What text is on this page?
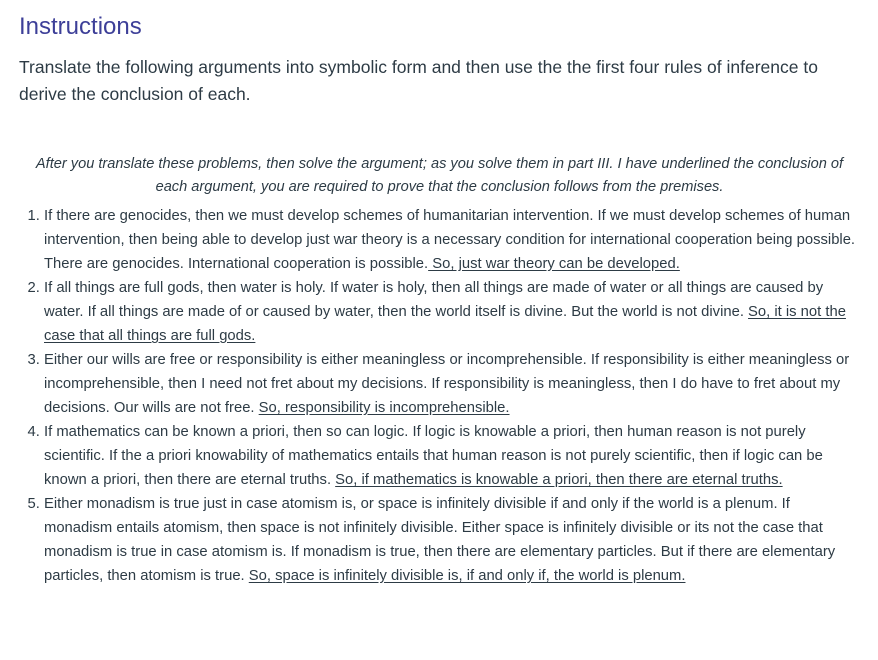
Instructions

Translate the following arguments into symbolic form and then use the the first four rules of inference to derive the conclusion of each.

After you translate these problems, then solve the argument; as you solve them in part III. I have underlined the conclusion of each argument, you are required to prove that the conclusion follows from the premises.

1. If there are genocides, then we must develop schemes of humanitarian intervention. If we must develop schemes of human intervention, then being able to develop just war theory is a necessary condition for international cooperation being possible. There are genocides. International cooperation is possible. So, just war theory can be developed.
2. If all things are full gods, then water is holy. If water is holy, then all things are made of water or all things are caused by water. If all things are made of or caused by water, then the world itself is divine. But the world is not divine. So, it is not the case that all things are full gods.
3. Either our wills are free or responsibility is either meaningless or incomprehensible. If responsibility is either meaningless or incomprehensible, then I need not fret about my decisions. If responsibility is meaningless, then I do have to fret about my decisions. Our wills are not free. So, responsibility is incomprehensible.
4. If mathematics can be known a priori, then so can logic. If logic is knowable a priori, then human reason is not purely scientific. If the a priori knowability of mathematics entails that human reason is not purely scientific, then if logic can be known a priori, then there are eternal truths. So, if mathematics is knowable a priori, then there are eternal truths.
5. Either monadism is true just in case atomism is, or space is infinitely divisible if and only if the world is a plenum. If monadism entails atomism, then space is not infinitely divisible. Either space is infinitely divisible or its not the case that monadism is true in case atomism is. If monadism is true, then there are elementary particles. But if there are elementary particles, then atomism is true. So, space is infinitely divisible is, if and only if, the world is plenum.
